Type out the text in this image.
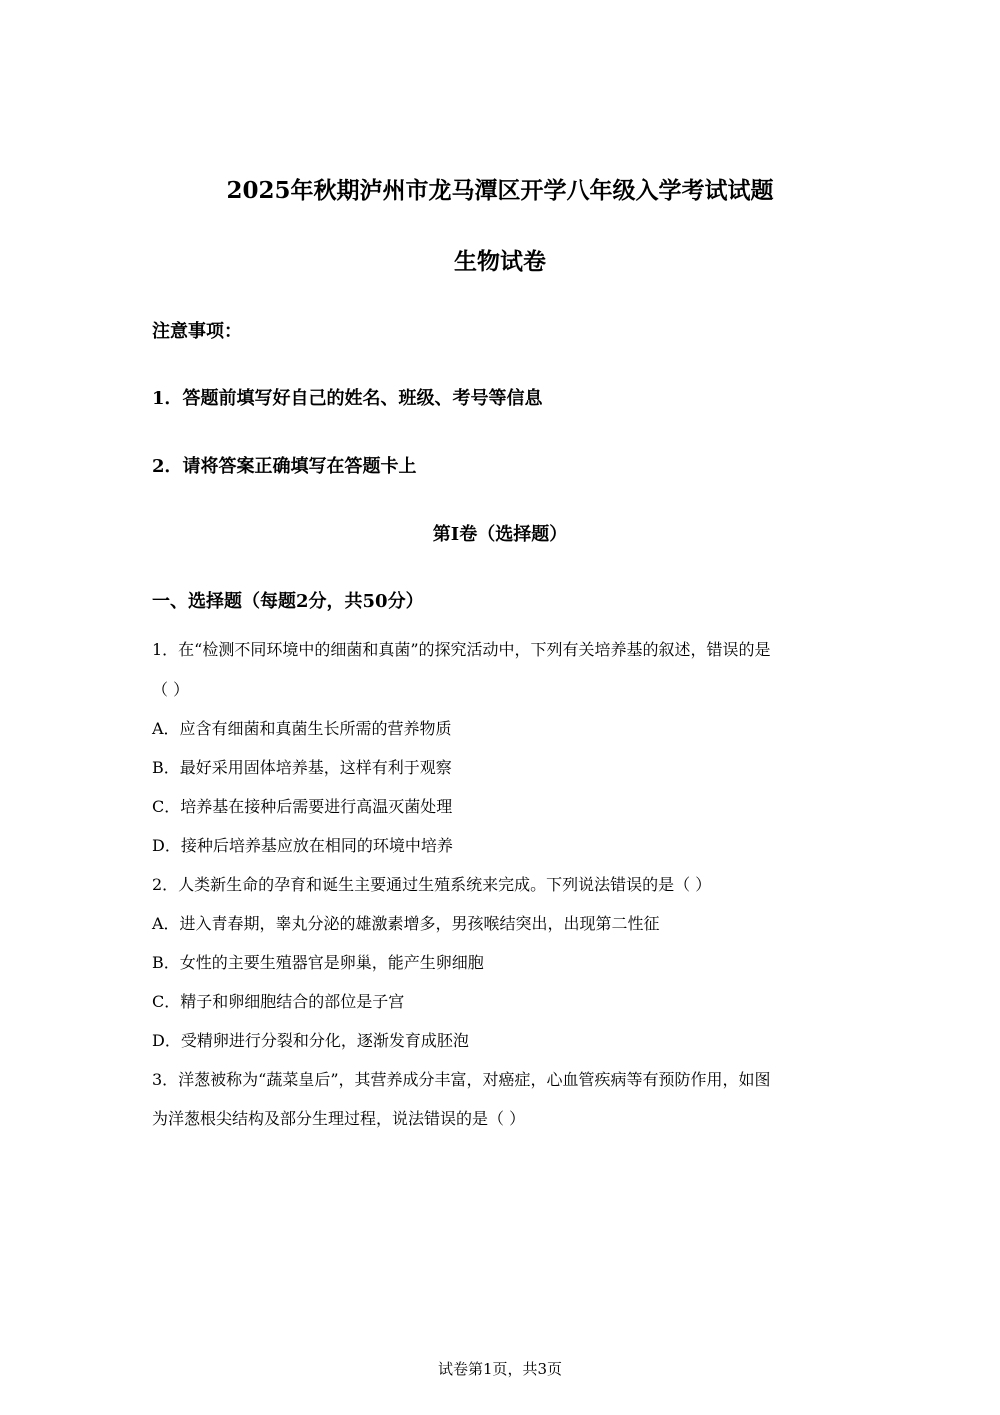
2025年秋期泸州市龙马潭区开学八年级入学考试试题
生物试卷
注意事项：
1．答题前填写好自己的姓名、班级、考号等信息
2．请将答案正确填写在答题卡上
第I卷（选择题）
一、选择题（每题2分，共50分）
1．在“检测不同环境中的细菌和真菌”的探究活动中，下列有关培养基的叙述，错误的是
（ ）
A．应含有细菌和真菌生长所需的营养物质
B．最好采用固体培养基，这样有利于观察
C．培养基在接种后需要进行高温灭菌处理
D．接种后培养基应放在相同的环境中培养
2．人类新生命的孕育和诞生主要通过生殖系统来完成。下列说法错误的是（ ）
A．进入青春期，睾丸分泌的雄激素增多，男孩喉结突出，出现第二性征
B．女性的主要生殖器官是卵巢，能产生卵细胞
C．精子和卵细胞结合的部位是子宫
D．受精卵进行分裂和分化，逐渐发育成胚泡
3．洋葱被称为“蔬菜皇后”，其营养成分丰富，对癌症，心血管疾病等有预防作用，如图
为洋葱根尖结构及部分生理过程，说法错误的是（ ）
试卷第1页，共3页
